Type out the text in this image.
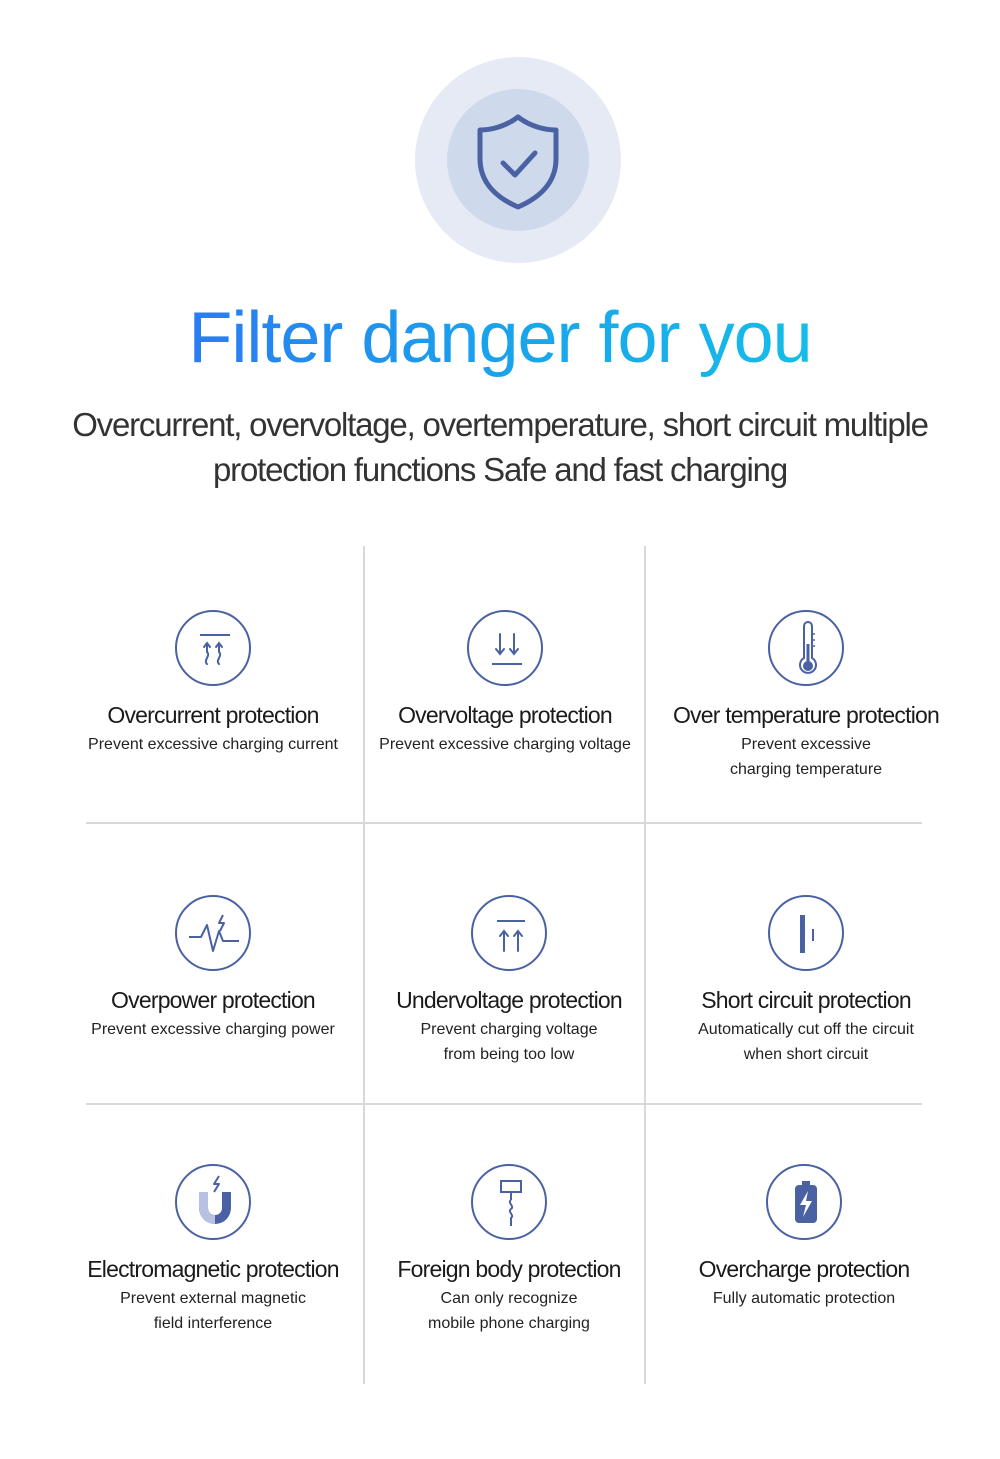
Filter danger for you

Overcurrent, overvoltage, overtemperature, short circuit multiple
protection functions Safe and fast charging

Overcurrent protection
Prevent excessive charging current
Overvoltage protection
Prevent excessive charging voltage
Over temperature protection
Prevent excessive
charging temperature
Overpower protection
Prevent excessive charging power
Undervoltage protection
Prevent charging voltage
from being too low
Short circuit protection
Automatically cut off the circuit
when short circuit
Electromagnetic protection
Prevent external magnetic
field interference
Foreign body protection
Can only recognize
mobile phone charging
Overcharge protection
Fully automatic protection
